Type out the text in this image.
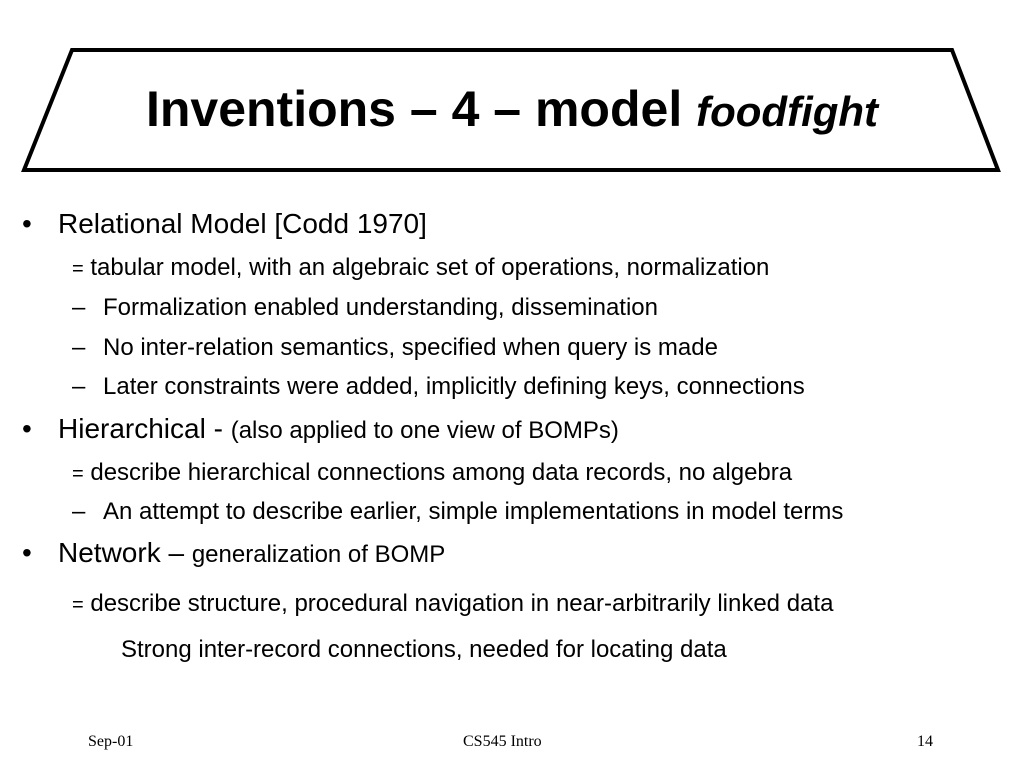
Inventions – 4 – model foodfight
• Relational Model [Codd 1970]
= tabular model, with an algebraic set of operations, normalization
– Formalization enabled understanding, dissemination
– No inter-relation semantics, specified when query is made
– Later constraints were added, implicitly defining keys, connections
• Hierarchical - (also applied to one view of BOMPs)
= describe hierarchical connections among data records, no algebra
– An attempt to describe earlier, simple implementations in model terms
• Network – generalization of BOMP
= describe structure, procedural navigation in near-arbitrarily linked data
Strong inter-record connections, needed for locating data
Sep-01	CS545 Intro	14
